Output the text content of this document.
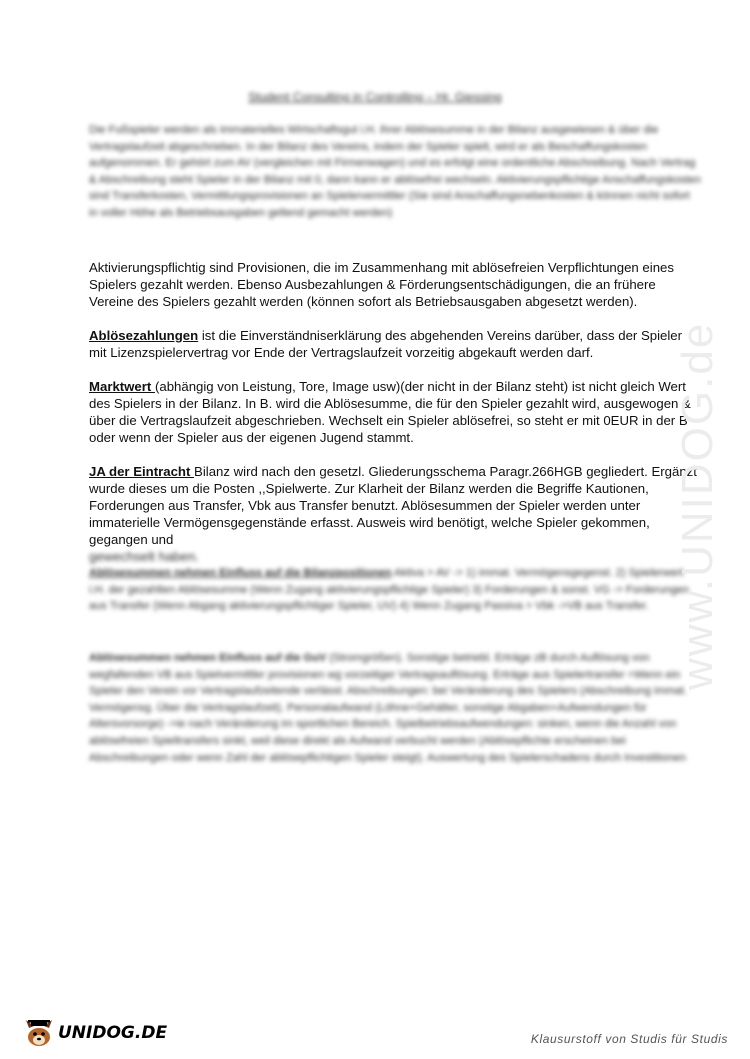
Student Consulting in Controlling – Hr. Giessing
Die Fußspieler werden als immaterielles Wirtschaftsgut i.H. ihrer Ablösesumme in der Bilanz ausgewiesen & über die Vertragslaufzeit abgeschrieben. In der Bilanz des Vereins, indem der Spieler spielt, wird er als Beschaffungskosten aufgenommen. Er gehört zum AV (vergleichen mit Firmenwagen) und es erfolgt eine ordentliche Abschreibung. Nach Vertrag & Abschreibung steht Spieler in der Bilanz mit 0, dann kann er ablösefrei wechseln. Aktivierungspflichtige Anschaffungskosten sind Transferkosten, Vermittlungsprovisionen an Spielervermittler (Sie sind Anschaffungsnebenkosten & können nicht sofort in voller Höhe als Betriebsausgaben geltend gemacht werden)
Aktivierungspflichtig sind Provisionen, die im Zusammenhang mit ablösefreien Verpflichtungen eines Spielers gezahlt werden. Ebenso Ausbezahlungen & Förderungsentschädigungen, die an frühere Vereine des Spielers gezahlt werden (können sofort als Betriebsausgaben abgesetzt werden).
Ablösezahlungen ist die Einverständniserklärung des abgehenden Vereins darüber, dass der Spieler mit Lizenzspielervertrag vor Ende der Vertragslaufzeit vorzeitig abgekauft werden darf.
Marktwert (abhängig von Leistung, Tore, Image usw)(der nicht in der Bilanz steht) ist nicht gleich Wert des Spielers in der Bilanz. In B. wird die Ablösesumme, die für den Spieler gezahlt wird, ausgewogen & über die Vertragslaufzeit abgeschrieben. Wechselt ein Spieler ablösefrei, so steht er mit 0EUR in der B oder wenn der Spieler aus der eigenen Jugend stammt.
JA der Eintracht Bilanz wird nach den gesetzl. Gliederungsschema Paragr.266HGB gegliedert. Ergänzt wurde dieses um die Posten ,,Spielwerte. Zur Klarheit der Bilanz werden die Begriffe Kautionen, Forderungen aus Transfer, Vbk aus Transfer benutzt. Ablösesummen der Spieler werden unter immaterielle Vermögensgegenstände erfasst. Ausweis wird benötigt, welche Spieler gekommen, gegangen und
gewechselt haben.
Ablösesummen nehmen Einfluss auf die Bilanzpositionen Aktiva > AV -> 1) immat. Vermögensgegenst. 2) Spielerwert i.H. der gezahlten Ablösesumme (Wenn Zugang aktivierungspflichtige Spieler) 3) Forderungen & sonst. VG -> Forderungen aus Transfer (Wenn Abgang aktivierungspflichtiger Spieler, UV) 4) Wenn Zugang Passiva > Vbk ->VB aus Transfer.
Ablösesummen nehmen Einfluss auf die GuV (Stromgrößen). Sonstige betriebl. Erträge zB durch Auflösung von wegfallenden VB aus Spielvermittler provisionen wg vorzeitiger Vertragsauflösung. Erträge aus Spielertransfer =Wenn ein Spieler den Verein vor Vertragslaufzeitende verlässt. Abschreibungen: bei Veränderung des Spielers (Abschreibung immat. Vermögensg. Über die Vertragslaufzeit). Personalaufwand (Löhne+Gehälter, sonstige Abgaben+Aufwendungen für Altersvorsorge) ->ie nach Veränderung im sportlichen Bereich. Spielbetriebsaufwendungen: sinken, wenn die Anzahl von ablösefreien Spieltransfers sinkt, weil diese direkt als Aufwand verbucht werden (Ablösepflichte erscheinen bei Abschreibungen oder wenn Zahl der ablösepflichtigen Spieler steigt). Auswertung des Spielerschadens durch Investitionen
www.UNIDOG.de
UNIDOG.DE	Klausurstoff von Studis für Studis
